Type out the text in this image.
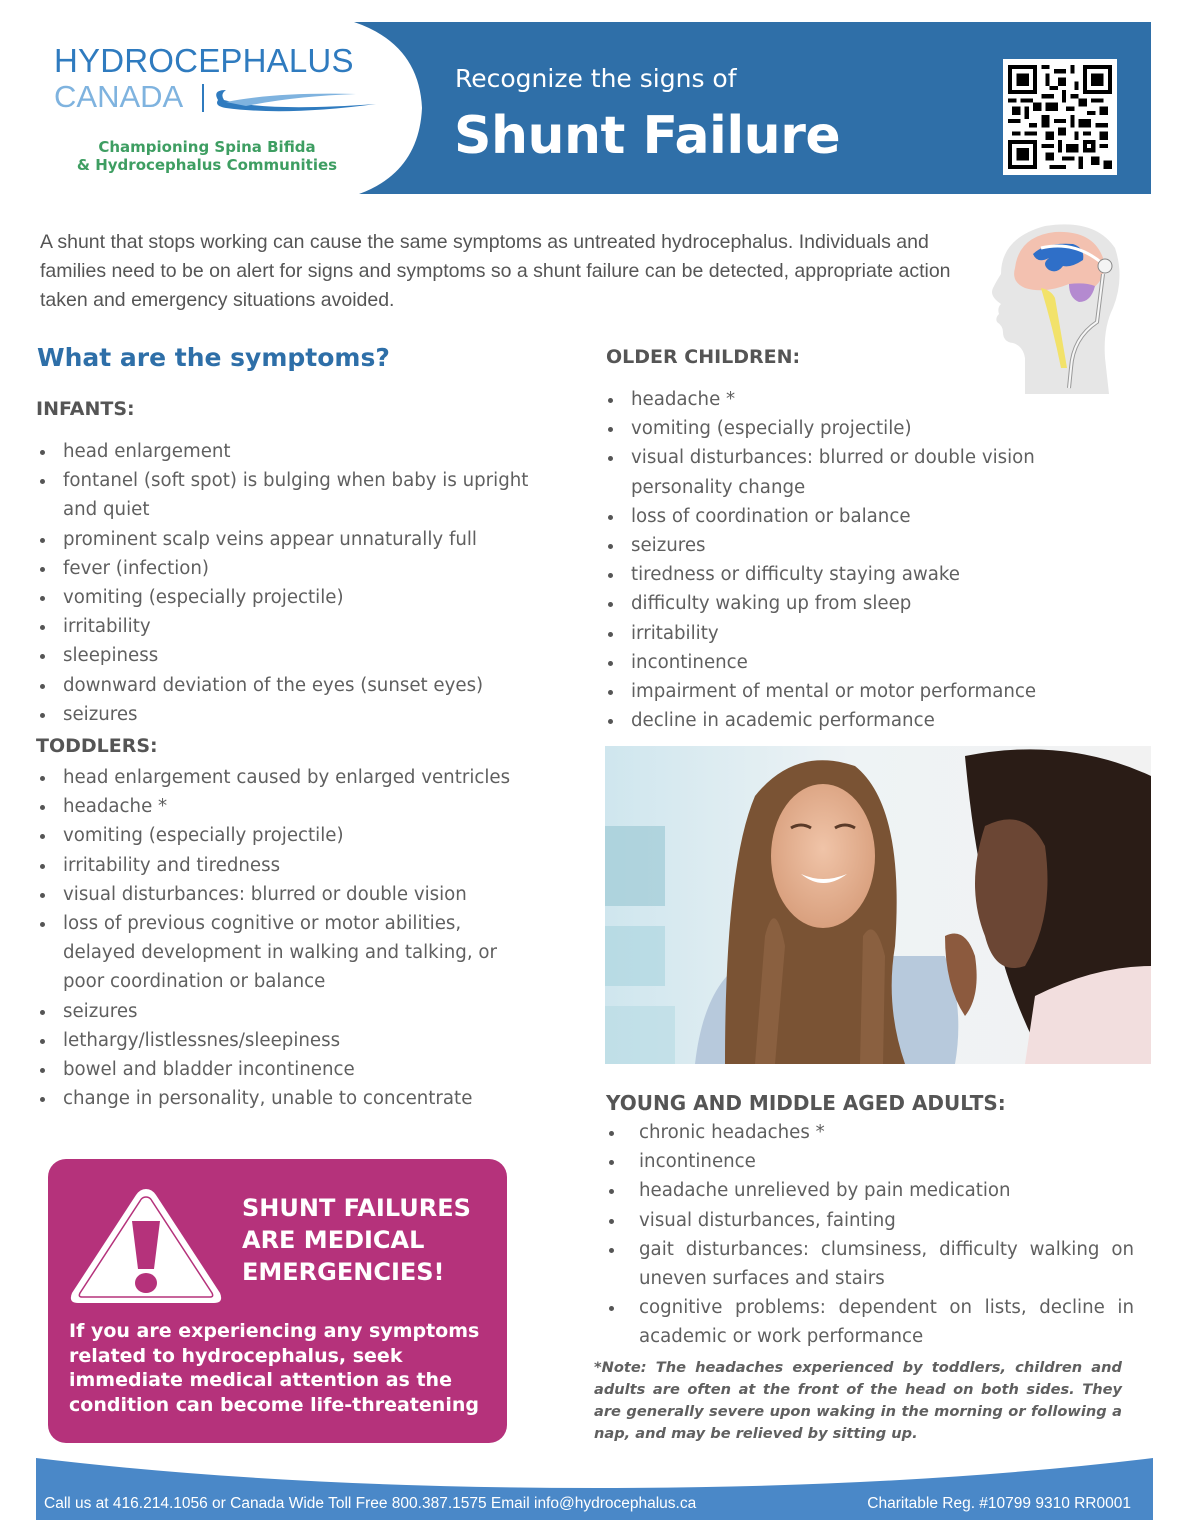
HYDROCEPHALUS
CANADA
Championing Spina Bifida
& Hydrocephalus Communities
Recognize the signs of
Shunt Failure

A shunt that stops working can cause the same symptoms as untreated hydrocephalus. Individuals and families need to be on alert for signs and symptoms so a shunt failure can be detected, appropriate action taken and emergency situations avoided.

What are the symptoms?
INFANTS:
head enlargement
fontanel (soft spot) is bulging when baby is upright and quiet
prominent scalp veins appear unnaturally full
fever (infection)
vomiting (especially projectile)
irritability
sleepiness
downward deviation of the eyes (sunset eyes)
seizures
TODDLERS:
head enlargement caused by enlarged ventricles
headache *
vomiting (especially projectile)
irritability and tiredness
visual disturbances: blurred or double vision
loss of previous cognitive or motor abilities, delayed development in walking and talking, or poor coordination or balance
seizures
lethargy/listlessnes/sleepiness
bowel and bladder incontinence
change in personality, unable to concentrate
OLDER CHILDREN:
headache *
vomiting (especially projectile)
visual disturbances: blurred or double vision personality change
loss of coordination or balance
seizures
tiredness or difficulty staying awake
difficulty waking up from sleep
irritability
incontinence
impairment of mental or motor performance
decline in academic performance
YOUNG AND MIDDLE AGED ADULTS:
chronic headaches *
incontinence
headache unrelieved by pain medication
visual disturbances, fainting
gait disturbances: clumsiness, difficulty walking on uneven surfaces and stairs
cognitive problems: dependent on lists, decline in academic or work performance

*Note: The headaches experienced by toddlers, children and adults are often at the front of the head on both sides. They are generally severe upon waking in the morning or following a nap, and may be relieved by sitting up.

SHUNT FAILURES
ARE MEDICAL
EMERGENCIES!

If you are experiencing any symptoms related to hydrocephalus, seek immediate medical attention as the condition can become life-threatening

Call us at 416.214.1056 or Canada Wide Toll Free 800.387.1575 Email info@hydrocephalus.ca	Charitable Reg. #10799 9310 RR0001
